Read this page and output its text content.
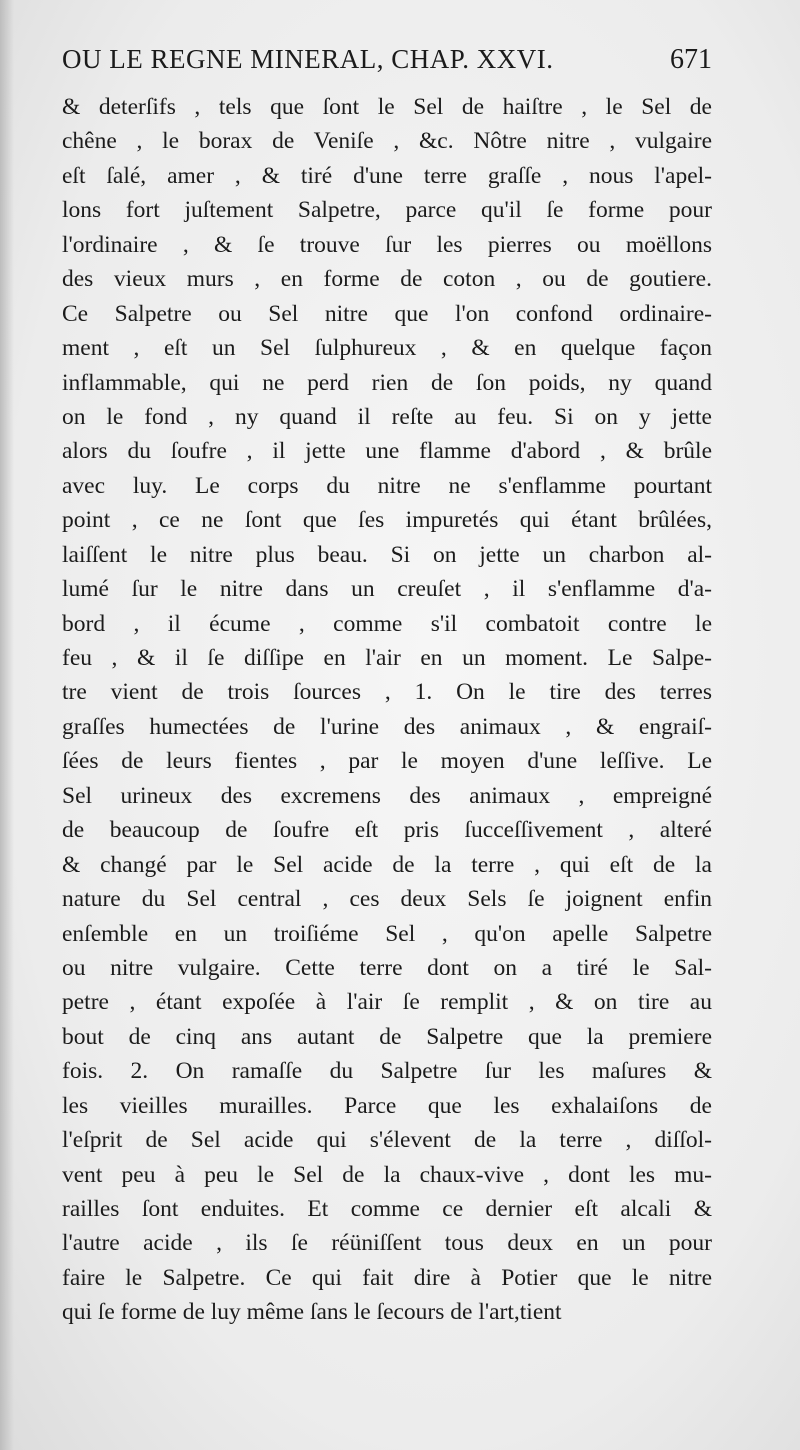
OU LE REGNE MINERAL, CHAP. XXVI.	671
& deterſifs , tels que ſont le Sel de haiſtre , le Sel de
chêne , le borax de Veniſe , &c. Nôtre nitre , vulgaire
eſt ſalé, amer , & tiré d'une terre graſſe , nous l'apel-
lons fort juſtement Salpetre, parce qu'il ſe forme pour
l'ordinaire , & ſe trouve ſur les pierres ou moëllons
des vieux murs , en forme de coton , ou de goutiere.
Ce Salpetre ou Sel nitre que l'on confond ordinaire-
ment , eſt un Sel ſulphureux , & en quelque façon
inflammable, qui ne perd rien de ſon poids, ny quand
on le fond , ny quand il reſte au feu. Si on y jette
alors du ſoufre , il jette une flamme d'abord , & brûle
avec luy. Le corps du nitre ne s'enflamme pourtant
point , ce ne ſont que ſes impuretés qui étant brûlées,
laiſſent le nitre plus beau. Si on jette un charbon al-
lumé ſur le nitre dans un creuſet , il s'enflamme d'a-
bord , il écume , comme s'il combatoit contre le
feu , & il ſe diſſipe en l'air en un moment. Le Salpe-
tre vient de trois ſources , 1. On le tire des terres
graſſes humectées de l'urine des animaux , & engraiſ-
ſées de leurs fientes , par le moyen d'une leſſive. Le
Sel urineux des excremens des animaux , empreigné
de beaucoup de ſoufre eſt pris ſucceſſivement , alteré
& changé par le Sel acide de la terre , qui eſt de la
nature du Sel central , ces deux Sels ſe joignent enfin
enſemble en un troiſiéme Sel , qu'on apelle Salpetre
ou nitre vulgaire. Cette terre dont on a tiré le Sal-
petre , étant expoſée à l'air ſe remplit , & on tire au
bout de cinq ans autant de Salpetre que la premiere
fois. 2. On ramaſſe du Salpetre ſur les maſures &
les vieilles murailles. Parce que les exhalaiſons de
l'eſprit de Sel acide qui s'élevent de la terre , diſſol-
vent peu à peu le Sel de la chaux-vive , dont les mu-
railles ſont enduites. Et comme ce dernier eſt alcali &
l'autre acide , ils ſe réüniſſent tous deux en un pour
faire le Salpetre. Ce qui fait dire à Potier que le nitre
qui ſe forme de luy même ſans le ſecours de l'art,tient
